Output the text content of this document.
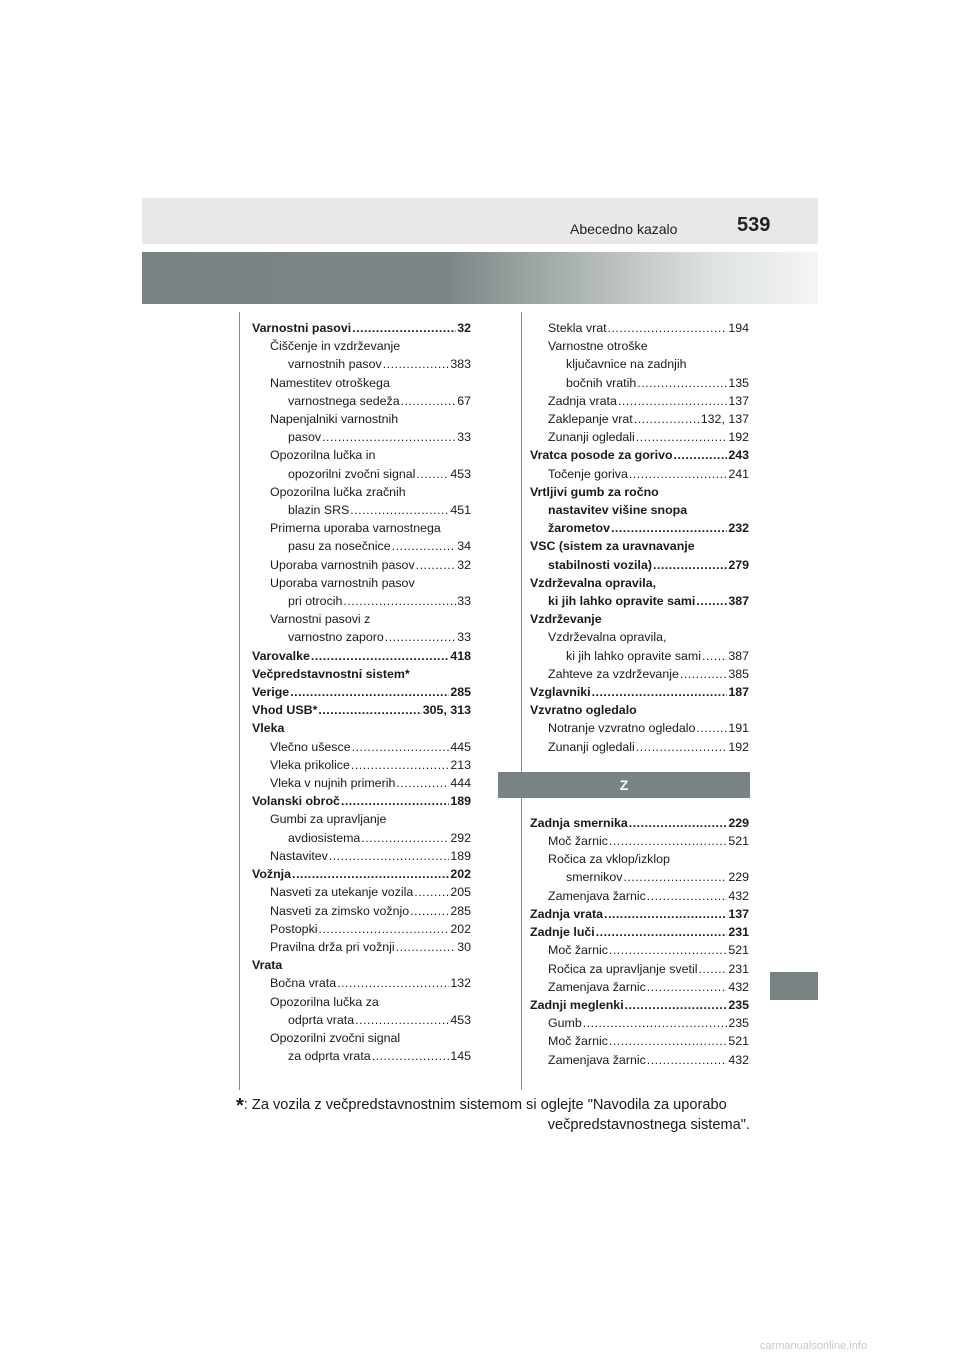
Abecedno kazalo	539
Varnostni pasovi .....	32
Čiščenje in vzdrževanje
varnostnih pasov .....	383
Namestitev otroškega
varnostnega sedeža .....	67
Napenjalniki varnostnih
pasov .....	33
Opozorilna lučka in
opozorilni zvočni signal .....	453
Opozorilna lučka zračnih
blazin SRS .....	451
Primerna uporaba varnostnega
pasu za nosečnice .....	34
Uporaba varnostnih pasov .....	32
Uporaba varnostnih pasov
pri otrocih .....	33
Varnostni pasovi z
varnostno zaporo .....	33
Varovalke .....	418
Večpredstavnostni sistem*
Verige .....	285
Vhod USB* .....	305, 313
Vleka
Vlečno ušesce .....	445
Vleka prikolice .....	213
Vleka v nujnih primerih .....	444
Volanski obroč .....	189
Gumbi za upravljanje
avdiosistema .....	292
Nastavitev .....	189
Vožnja .....	202
Nasveti za utekanje vozila .....	205
Nasveti za zimsko vožnjo .....	285
Postopki .....	202
Pravilna drža pri vožnji .....	30
Vrata
Bočna vrata .....	132
Opozorilna lučka za
odprta vrata .....	453
Opozorilni zvočni signal
za odprta vrata .....	145
Stekla vrat .....	194
Varnostne otroške
ključavnice na zadnjih
bočnih vratih .....	135
Zadnja vrata .....	137
Zaklepanje vrat .....	132, 137
Zunanji ogledali .....	192
Vratca posode za gorivo .....	243
Točenje goriva .....	241
Vrtljivi gumb za ročno
nastavitev višine snopa
žarometov .....	232
VSC (sistem za uravnavanje
stabilnosti vozila) .....	279
Vzdrževalna opravila,
ki jih lahko opravite sami .....	387
Vzdrževanje
Vzdrževalna opravila,
ki jih lahko opravite sami ..... 387
Zahteve za vzdrževanje .....	385
Vzglavniki .....	187
Vzvratno ogledalo
Notranje vzvratno ogledalo .....	191
Zunanji ogledali .....	192
Z
Zadnja smernika .....	229
Moč žarnic .....	521
Ročica za vklop/izklop
smernikov .....	229
Zamenjava žarnic .....	432
Zadnja vrata .....	137
Zadnje luči .....	231
Moč žarnic .....	521
Ročica za upravljanje svetil ..... 231
Zamenjava žarnic .....	432
Zadnji meglenki .....	235
Gumb .....	235
Moč žarnic .....	521
Zamenjava žarnic .....	432
*: Za vozila z večpredstavnostnim sistemom si oglejte "Navodila za uporabo
večpredstavnostnega sistema".
carmanualsonline.info
